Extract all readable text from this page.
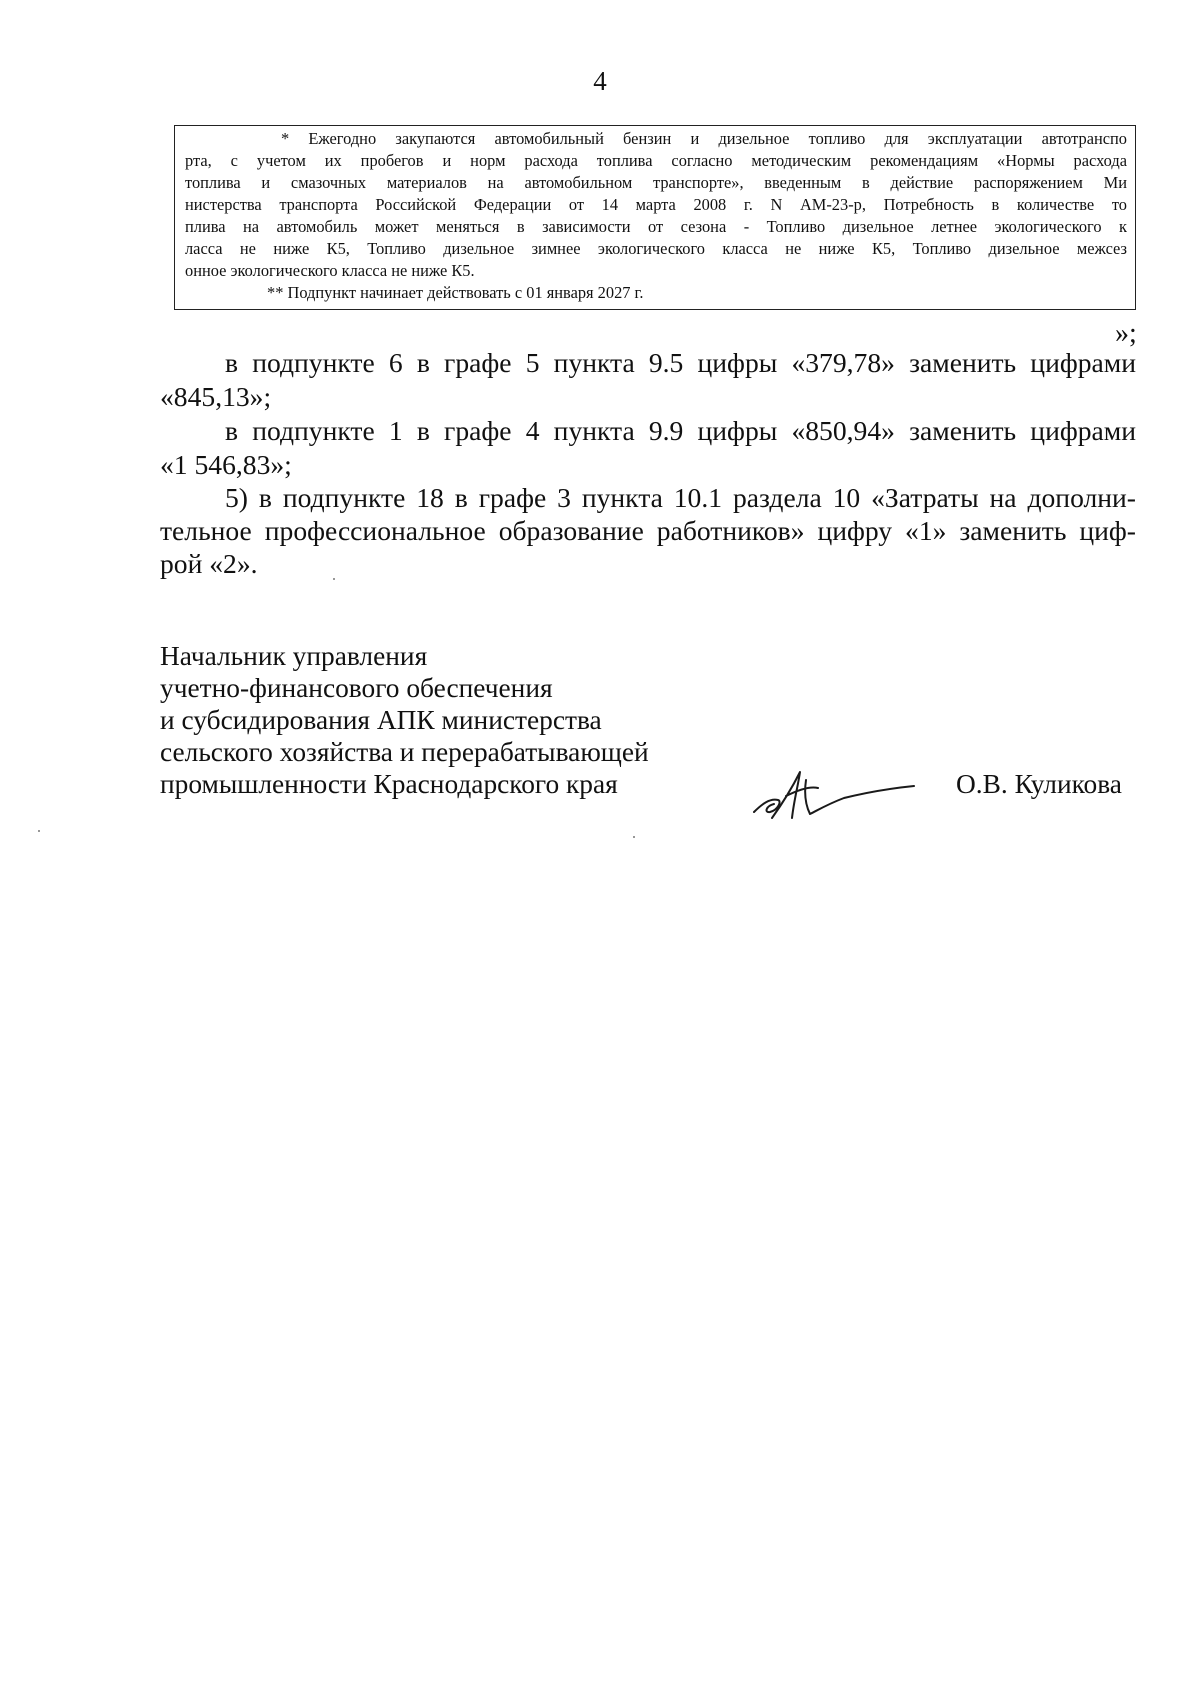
4
* Ежегодно закупаются автомобильный бензин и дизельное топливо для эксплуатации автотранспо
рта, с учетом их пробегов и норм расхода топлива согласно методическим рекомендациям «Нормы расхода
топлива и смазочных материалов на автомобильном транспорте», введенным в действие распоряжением Ми
нистерства транспорта Российской Федерации от 14 марта 2008 г. N АМ-23-р, Потребность в количестве то
плива на автомобиль может меняться в зависимости от сезона - Топливо дизельное летнее экологического к
ласса не ниже К5, Топливо дизельное зимнее экологического класса не ниже К5, Топливо дизельное межсез
онное экологического класса не ниже К5.
** Подпункт начинает действовать с 01 января 2027 г.
»;
в подпункте 6 в графе 5 пункта 9.5 цифры «379,78» заменить цифрами
«845,13»;
в подпункте 1 в графе 4 пункта 9.9 цифры «850,94» заменить цифрами
«1 546,83»;
5) в подпункте 18 в графе 3 пункта 10.1 раздела 10 «Затраты на дополни-
тельное профессиональное образование работников» цифру «1» заменить циф-
рой «2».
Начальник управления
учетно-финансового обеспечения
и субсидирования АПК министерства
сельского хозяйства и перерабатывающей
промышленности Краснодарского края	О.В. Куликова
